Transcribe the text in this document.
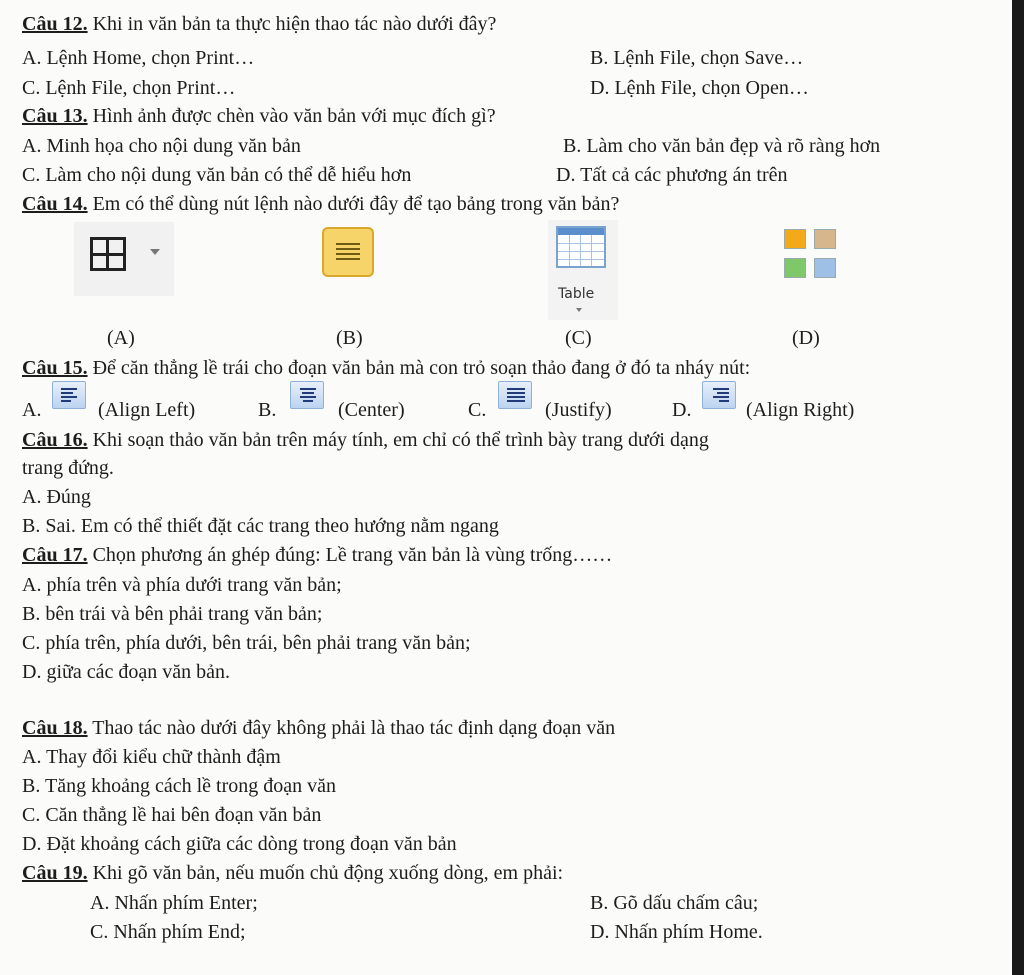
Câu 12. Khi in văn bản ta thực hiện thao tác nào dưới đây?
A. Lệnh Home, chọn Print…	B. Lệnh File, chọn Save…
C. Lệnh File, chọn Print…	D. Lệnh File, chọn Open…
Câu 13. Hình ảnh được chèn vào văn bản với mục đích gì?
A. Minh họa cho nội dung văn bản	B. Làm cho văn bản đẹp và rõ ràng hơn
C. Làm cho nội dung văn bản có thể dễ hiểu hơn	D. Tất cả các phương án trên
Câu 14. Em có thể dùng nút lệnh nào dưới đây để tạo bảng trong văn bản?
Table
(A)	(B)	(C)	(D)
Câu 15. Để căn thẳng lề trái cho đoạn văn bản mà con trỏ soạn thảo đang ở đó ta nháy nút:
A.	(Align Left)	B.	(Center)	C.	(Justify)	D.	(Align Right)
Câu 16. Khi soạn thảo văn bản trên máy tính, em chỉ có thể trình bày trang dưới dạng
trang đứng.
A. Đúng
B. Sai. Em có thể thiết đặt các trang theo hướng nằm ngang
Câu 17. Chọn phương án ghép đúng: Lề trang văn bản là vùng trống……
A. phía trên và phía dưới trang văn bản;
B. bên trái và bên phải trang văn bản;
C. phía trên, phía dưới, bên trái, bên phải trang văn bản;
D. giữa các đoạn văn bản.
Câu 18. Thao tác nào dưới đây không phải là thao tác định dạng đoạn văn
A. Thay đổi kiểu chữ thành đậm
B. Tăng khoảng cách lề trong đoạn văn
C. Căn thẳng lề hai bên đoạn văn bản
D. Đặt khoảng cách giữa các dòng trong đoạn văn bản
Câu 19. Khi gõ văn bản, nếu muốn chủ động xuống dòng, em phải:
A. Nhấn phím Enter;	B. Gõ dấu chấm câu;
C. Nhấn phím End;	D. Nhấn phím Home.
